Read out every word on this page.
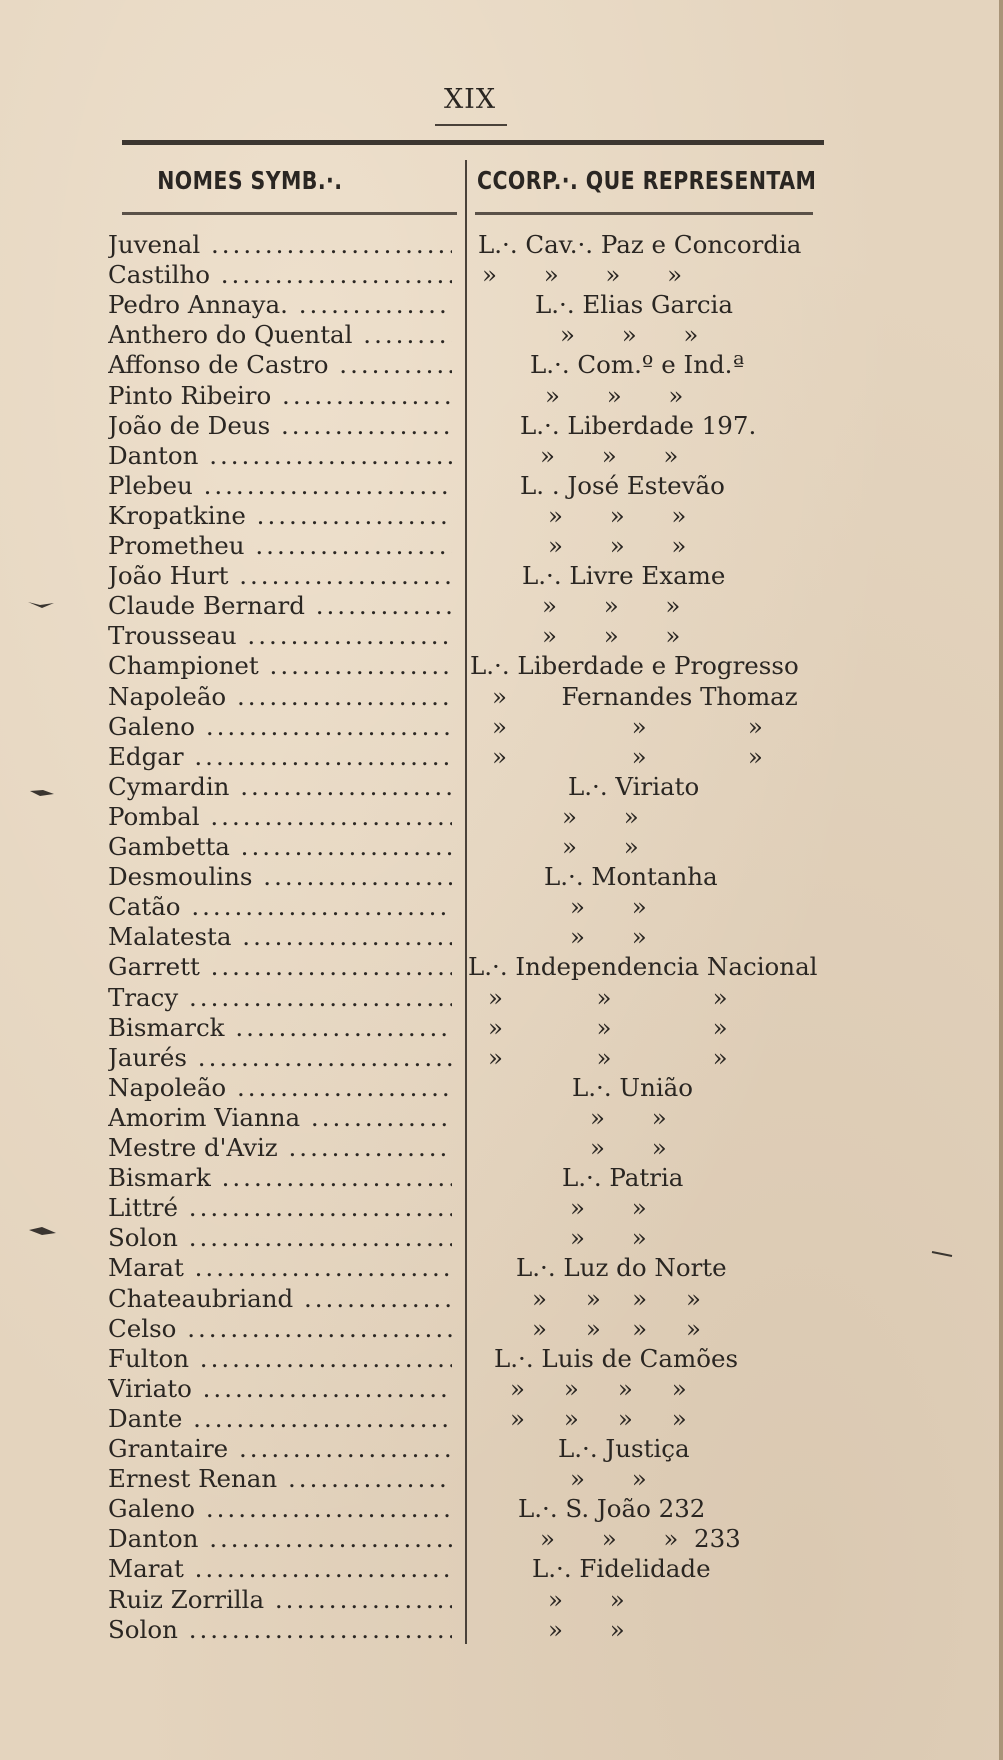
XIX
NOMES SYMB.·.	CCORP.·. QUE REPRESENTAM
Juvenal .....	L.·. Cav.·. Paz e Concordia
Castilho .....	»      »      »      »
Pedro Annaya. .....	L.·. Elias Garcia
Anthero do Quental .....	»      »      »
Affonso de Castro .....	L.·. Com.º e Ind.ª
Pinto Ribeiro .....	»      »      »
João de Deus .....	L.·. Liberdade 197.
Danton .....	»      »      »
Plebeu .....	L. . José Estevão
Kropatkine .....	»      »      »
Prometheu .....	»      »      »
João Hurt .....	L.·. Livre Exame
Claude Bernard .....	»      »      »
Trousseau .....	»      »      »
Championet .....	L.·. Liberdade e Progresso
Napoleão .....	»       Fernandes Thomaz
Galeno .....	»                »             »
Edgar .....	»                »             »
Cymardin .....	L.·. Viriato
Pombal .....	»      »
Gambetta .....	»      »
Desmoulins .....	L.·. Montanha
Catão .....	»      »
Malatesta .....	»      »
Garrett .....	L.·. Independencia Nacional
Tracy .....	»            »             »
Bismarck .....	»            »             »
Jaurés .....	»            »             »
Napoleão .....	L.·. União
Amorim Vianna .....	»      »
Mestre d'Aviz .....	»      »
Bismark .....	L.·. Patria
Littré .....	»      »
Solon .....	»      »
Marat .....	L.·. Luz do Norte
Chateaubriand .....	»     »    »     »
Celso .....	»     »    »     »
Fulton .....	L.·. Luis de Camões
Viriato .....	»     »     »     »
Dante .....	»     »     »     »
Grantaire .....	L.·. Justiça
Ernest Renan .....	»      »
Galeno .....	L.·. S. João 232
Danton .....	»      »      »  233
Marat .....	L.·. Fidelidade
Ruiz Zorrilla .....	»      »
Solon .....	»      »
